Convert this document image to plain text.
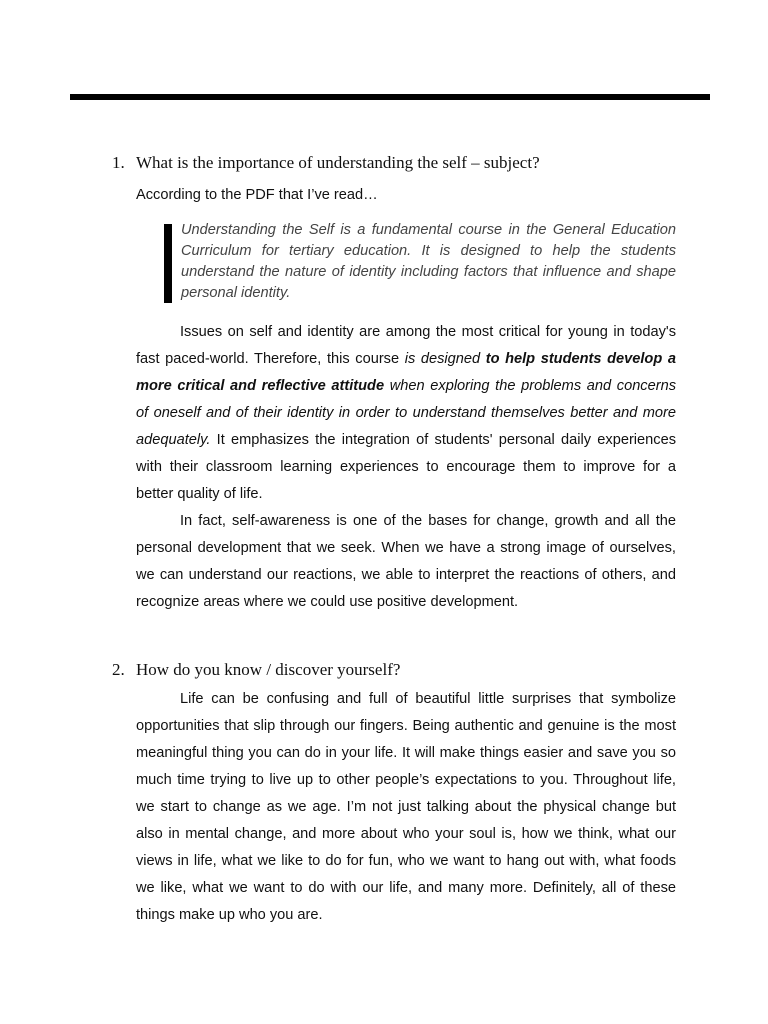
1. What is the importance of understanding the self – subject?
According to the PDF that I’ve read…
Understanding the Self is a fundamental course in the General Education Curriculum for tertiary education. It is designed to help the students understand the nature of identity including factors that influence and shape personal identity.

Issues on self and identity are among the most critical for young in today's fast paced-world. Therefore, this course is designed to help students develop a more critical and reflective attitude when exploring the problems and concerns of oneself and of their identity in order to understand themselves better and more adequately. It emphasizes the integration of students' personal daily experiences with their classroom learning experiences to encourage them to improve for a better quality of life.

In fact, self-awareness is one of the bases for change, growth and all the personal development that we seek. When we have a strong image of ourselves, we can understand our reactions, we able to interpret the reactions of others, and recognize areas where we could use positive development.

2. How do you know / discover yourself?

Life can be confusing and full of beautiful little surprises that symbolize opportunities that slip through our fingers. Being authentic and genuine is the most meaningful thing you can do in your life. It will make things easier and save you so much time trying to live up to other people’s expectations to you. Throughout life, we start to change as we age. I’m not just talking about the physical change but also in mental change, and more about who your soul is, how we think, what our views in life, what we like to do for fun, who we want to hang out with, what foods we like, what we want to do with our life, and many more. Definitely, all of these things make up who you are.
